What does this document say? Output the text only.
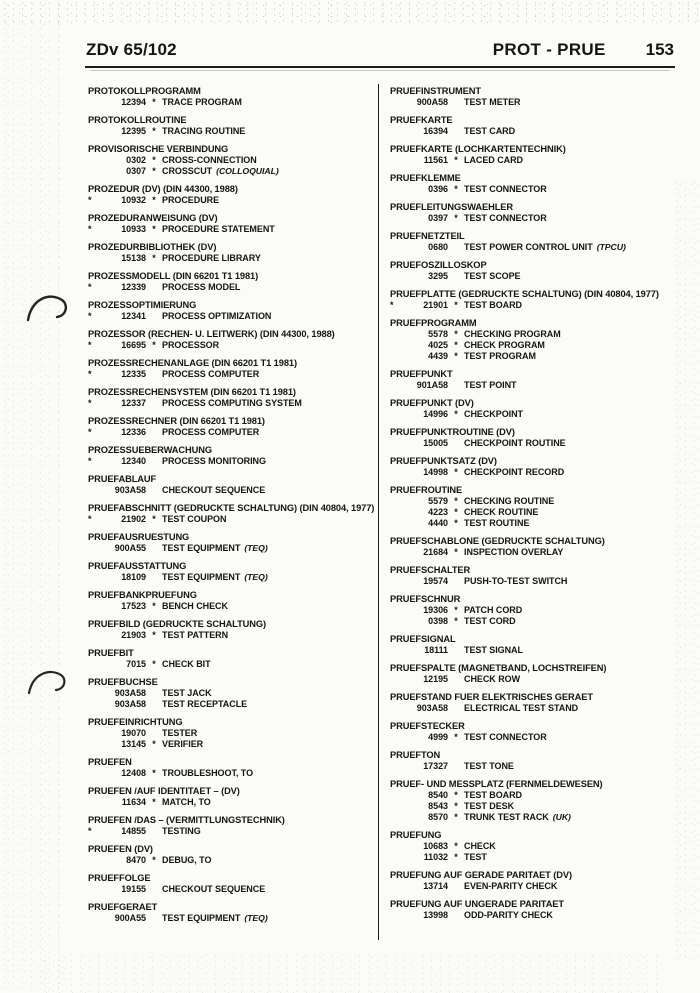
ZDv 65/102	PROT - PRUE 153
PROTOKOLLPROGRAMM
12394 * TRACE PROGRAM
PROTOKOLLROUTINE
12395 * TRACING ROUTINE
PROVISORISCHE VERBINDUNG
0302 * CROSS-CONNECTION
0307 * CROSSCUT (COLLOQUIAL)
PROZEDUR (DV) (DIN 44300, 1988)
*	10932 * PROCEDURE
PROZEDURANWEISUNG (DV)
*	10933 * PROCEDURE STATEMENT
PROZEDURBIBLIOTHEK (DV)
15138 * PROCEDURE LIBRARY
PROZESSMODELL (DIN 66201 T1 1981)
*	12339 PROCESS MODEL
PROZESSOPTIMIERUNG
*	12341 PROCESS OPTIMIZATION
PROZESSOR (RECHEN- U. LEITWERK) (DIN 44300, 1988)
*	16695 * PROCESSOR
PROZESSRECHENANLAGE (DIN 66201 T1 1981)
*	12335 PROCESS COMPUTER
PROZESSRECHENSYSTEM (DIN 66201 T1 1981)
*	12337 PROCESS COMPUTING SYSTEM
PROZESSRECHNER (DIN 66201 T1 1981)
*	12336 PROCESS COMPUTER
PROZESSUEBERWACHUNG
*	12340 PROCESS MONITORING
PRUEFABLAUF
903A58 CHECKOUT SEQUENCE
PRUEFABSCHNITT (GEDRUCKTE SCHALTUNG) (DIN 40804, 1977)
*	21902 * TEST COUPON
PRUEFAUSRUESTUNG
900A55 TEST EQUIPMENT (TEQ)
PRUEFAUSSTATTUNG
18109 TEST EQUIPMENT (TEQ)
PRUEFBANKPRUEFUNG
17523 * BENCH CHECK
PRUEFBILD (GEDRUCKTE SCHALTUNG)
21903 * TEST PATTERN
PRUEFBIT
7015 * CHECK BIT
PRUEFBUCHSE
903A58 TEST JACK
903A58 TEST RECEPTACLE
PRUEFEINRICHTUNG
19070 TESTER
13145 * VERIFIER
PRUEFEN
12408 * TROUBLESHOOT, TO
PRUEFEN /AUF IDENTITAET – (DV)
11634 * MATCH, TO
PRUEFEN /DAS – (VERMITTLUNGSTECHNIK)
*	14855 TESTING
PRUEFEN (DV)
8470 * DEBUG, TO
PRUEFFOLGE
19155 CHECKOUT SEQUENCE
PRUEFGERAET
900A55 TEST EQUIPMENT (TEQ)
PRUEFINSTRUMENT
900A58 TEST METER
PRUEFKARTE
16394 TEST CARD
PRUEFKARTE (LOCHKARTENTECHNIK)
11561 * LACED CARD
PRUEFKLEMME
0396 * TEST CONNECTOR
PRUEFLEITUNGSWAEHLER
0397 * TEST CONNECTOR
PRUEFNETZTEIL
0680 TEST POWER CONTROL UNIT (TPCU)
PRUEFOSZILLOSKOP
3295 TEST SCOPE
PRUEFPLATTE (GEDRUCKTE SCHALTUNG) (DIN 40804, 1977)
*	21901 * TEST BOARD
PRUEFPROGRAMM
5578 * CHECKING PROGRAM
4025 * CHECK PROGRAM
4439 * TEST PROGRAM
PRUEFPUNKT
901A58 TEST POINT
PRUEFPUNKT (DV)
14996 * CHECKPOINT
PRUEFPUNKTROUTINE (DV)
15005 CHECKPOINT ROUTINE
PRUEFPUNKTSATZ (DV)
14998 * CHECKPOINT RECORD
PRUEFROUTINE
5579 * CHECKING ROUTINE
4223 * CHECK ROUTINE
4440 * TEST ROUTINE
PRUEFSCHABLONE (GEDRUCKTE SCHALTUNG)
21684 * INSPECTION OVERLAY
PRUEFSCHALTER
19574 PUSH-TO-TEST SWITCH
PRUEFSCHNUR
19306 * PATCH CORD
0398 * TEST CORD
PRUEFSIGNAL
18111 TEST SIGNAL
PRUEFSPALTE (MAGNETBAND, LOCHSTREIFEN)
12195 CHECK ROW
PRUEFSTAND FUER ELEKTRISCHES GERAET
903A58 ELECTRICAL TEST STAND
PRUEFSTECKER
4999 * TEST CONNECTOR
PRUEFTON
17327 TEST TONE
PRUEF- UND MESSPLATZ (FERNMELDEWESEN)
8540 * TEST BOARD
8543 * TEST DESK
8570 * TRUNK TEST RACK (UK)
PRUEFUNG
10683 * CHECK
11032 * TEST
PRUEFUNG AUF GERADE PARITAET (DV)
13714 EVEN-PARITY CHECK
PRUEFUNG AUF UNGERADE PARITAET
13998 ODD-PARITY CHECK
